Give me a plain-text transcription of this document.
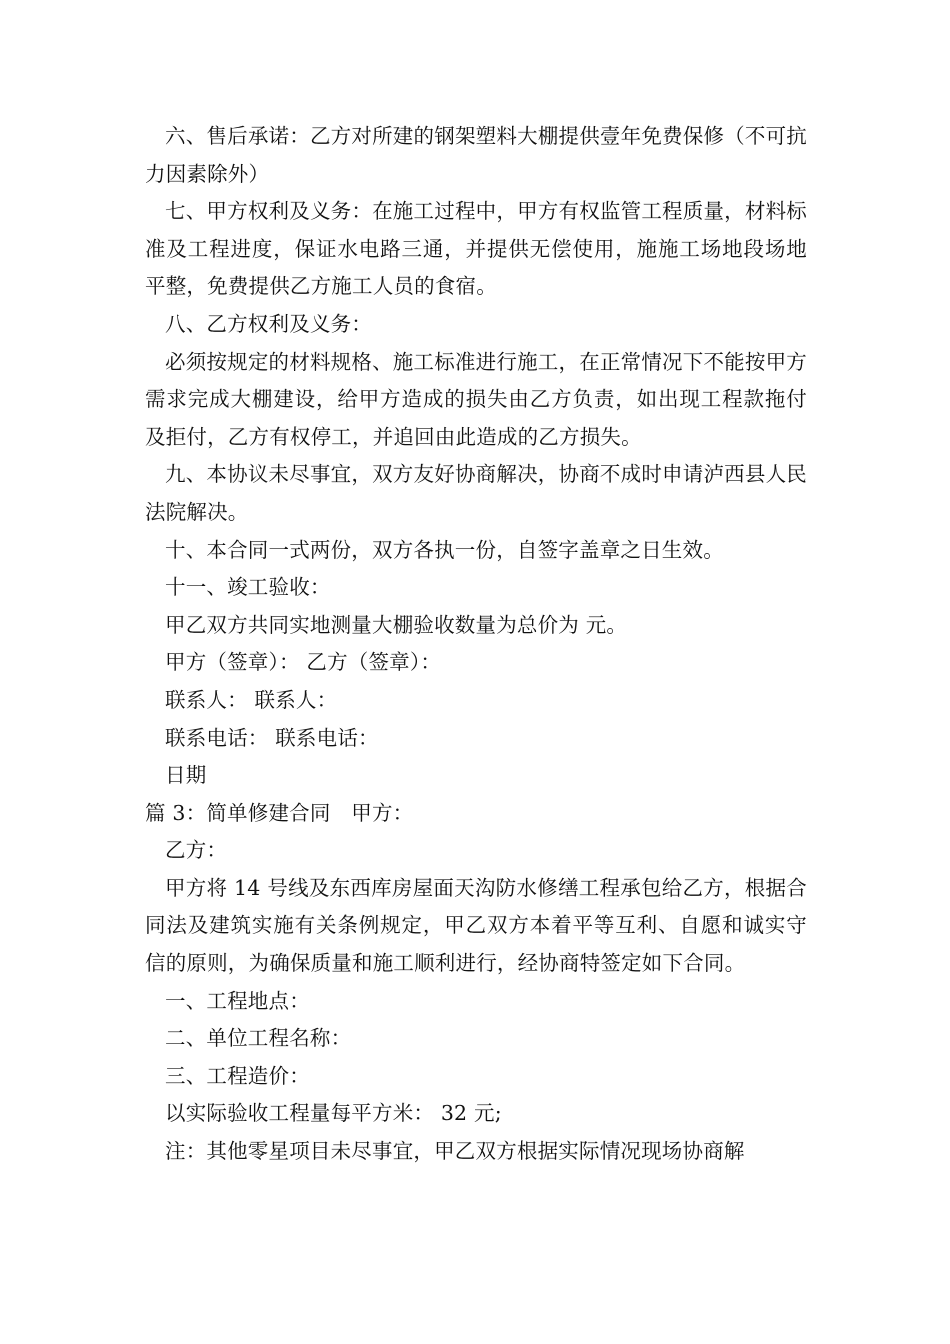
六、售后承诺：乙方对所建的钢架塑料大棚提供壹年免费保修（不可抗力因素除外）

七、甲方权利及义务：在施工过程中，甲方有权监管工程质量，材料标准及工程进度，保证水电路三通，并提供无偿使用，施施工场地段场地平整，免费提供乙方施工人员的食宿。

八、乙方权利及义务：

必须按规定的材料规格、施工标准进行施工，在正常情况下不能按甲方需求完成大棚建设，给甲方造成的损失由乙方负责，如出现工程款拖付及拒付，乙方有权停工，并追回由此造成的乙方损失。

九、本协议未尽事宜，双方友好协商解决，协商不成时申请泸西县人民法院解决。

十、本合同一式两份，双方各执一份，自签字盖章之日生效。

十一、竣工验收：

甲乙双方共同实地测量大棚验收数量为总价为 元。

甲方（签章）： 乙方（签章）：

联系人： 联系人：

联系电话： 联系电话：

日期

篇 3：简单修建合同　甲方：

乙方：

甲方将 14 号线及东西库房屋面天沟防水修缮工程承包给乙方，根据合同法及建筑实施有关条例规定，甲乙双方本着平等互利、自愿和诚实守信的原则，为确保质量和施工顺利进行，经协商特签定如下合同。

一、工程地点：

二、单位工程名称：

三、工程造价：

以实际验收工程量每平方米： 32 元;

注：其他零星项目未尽事宜，甲乙双方根据实际情况现场协商解
